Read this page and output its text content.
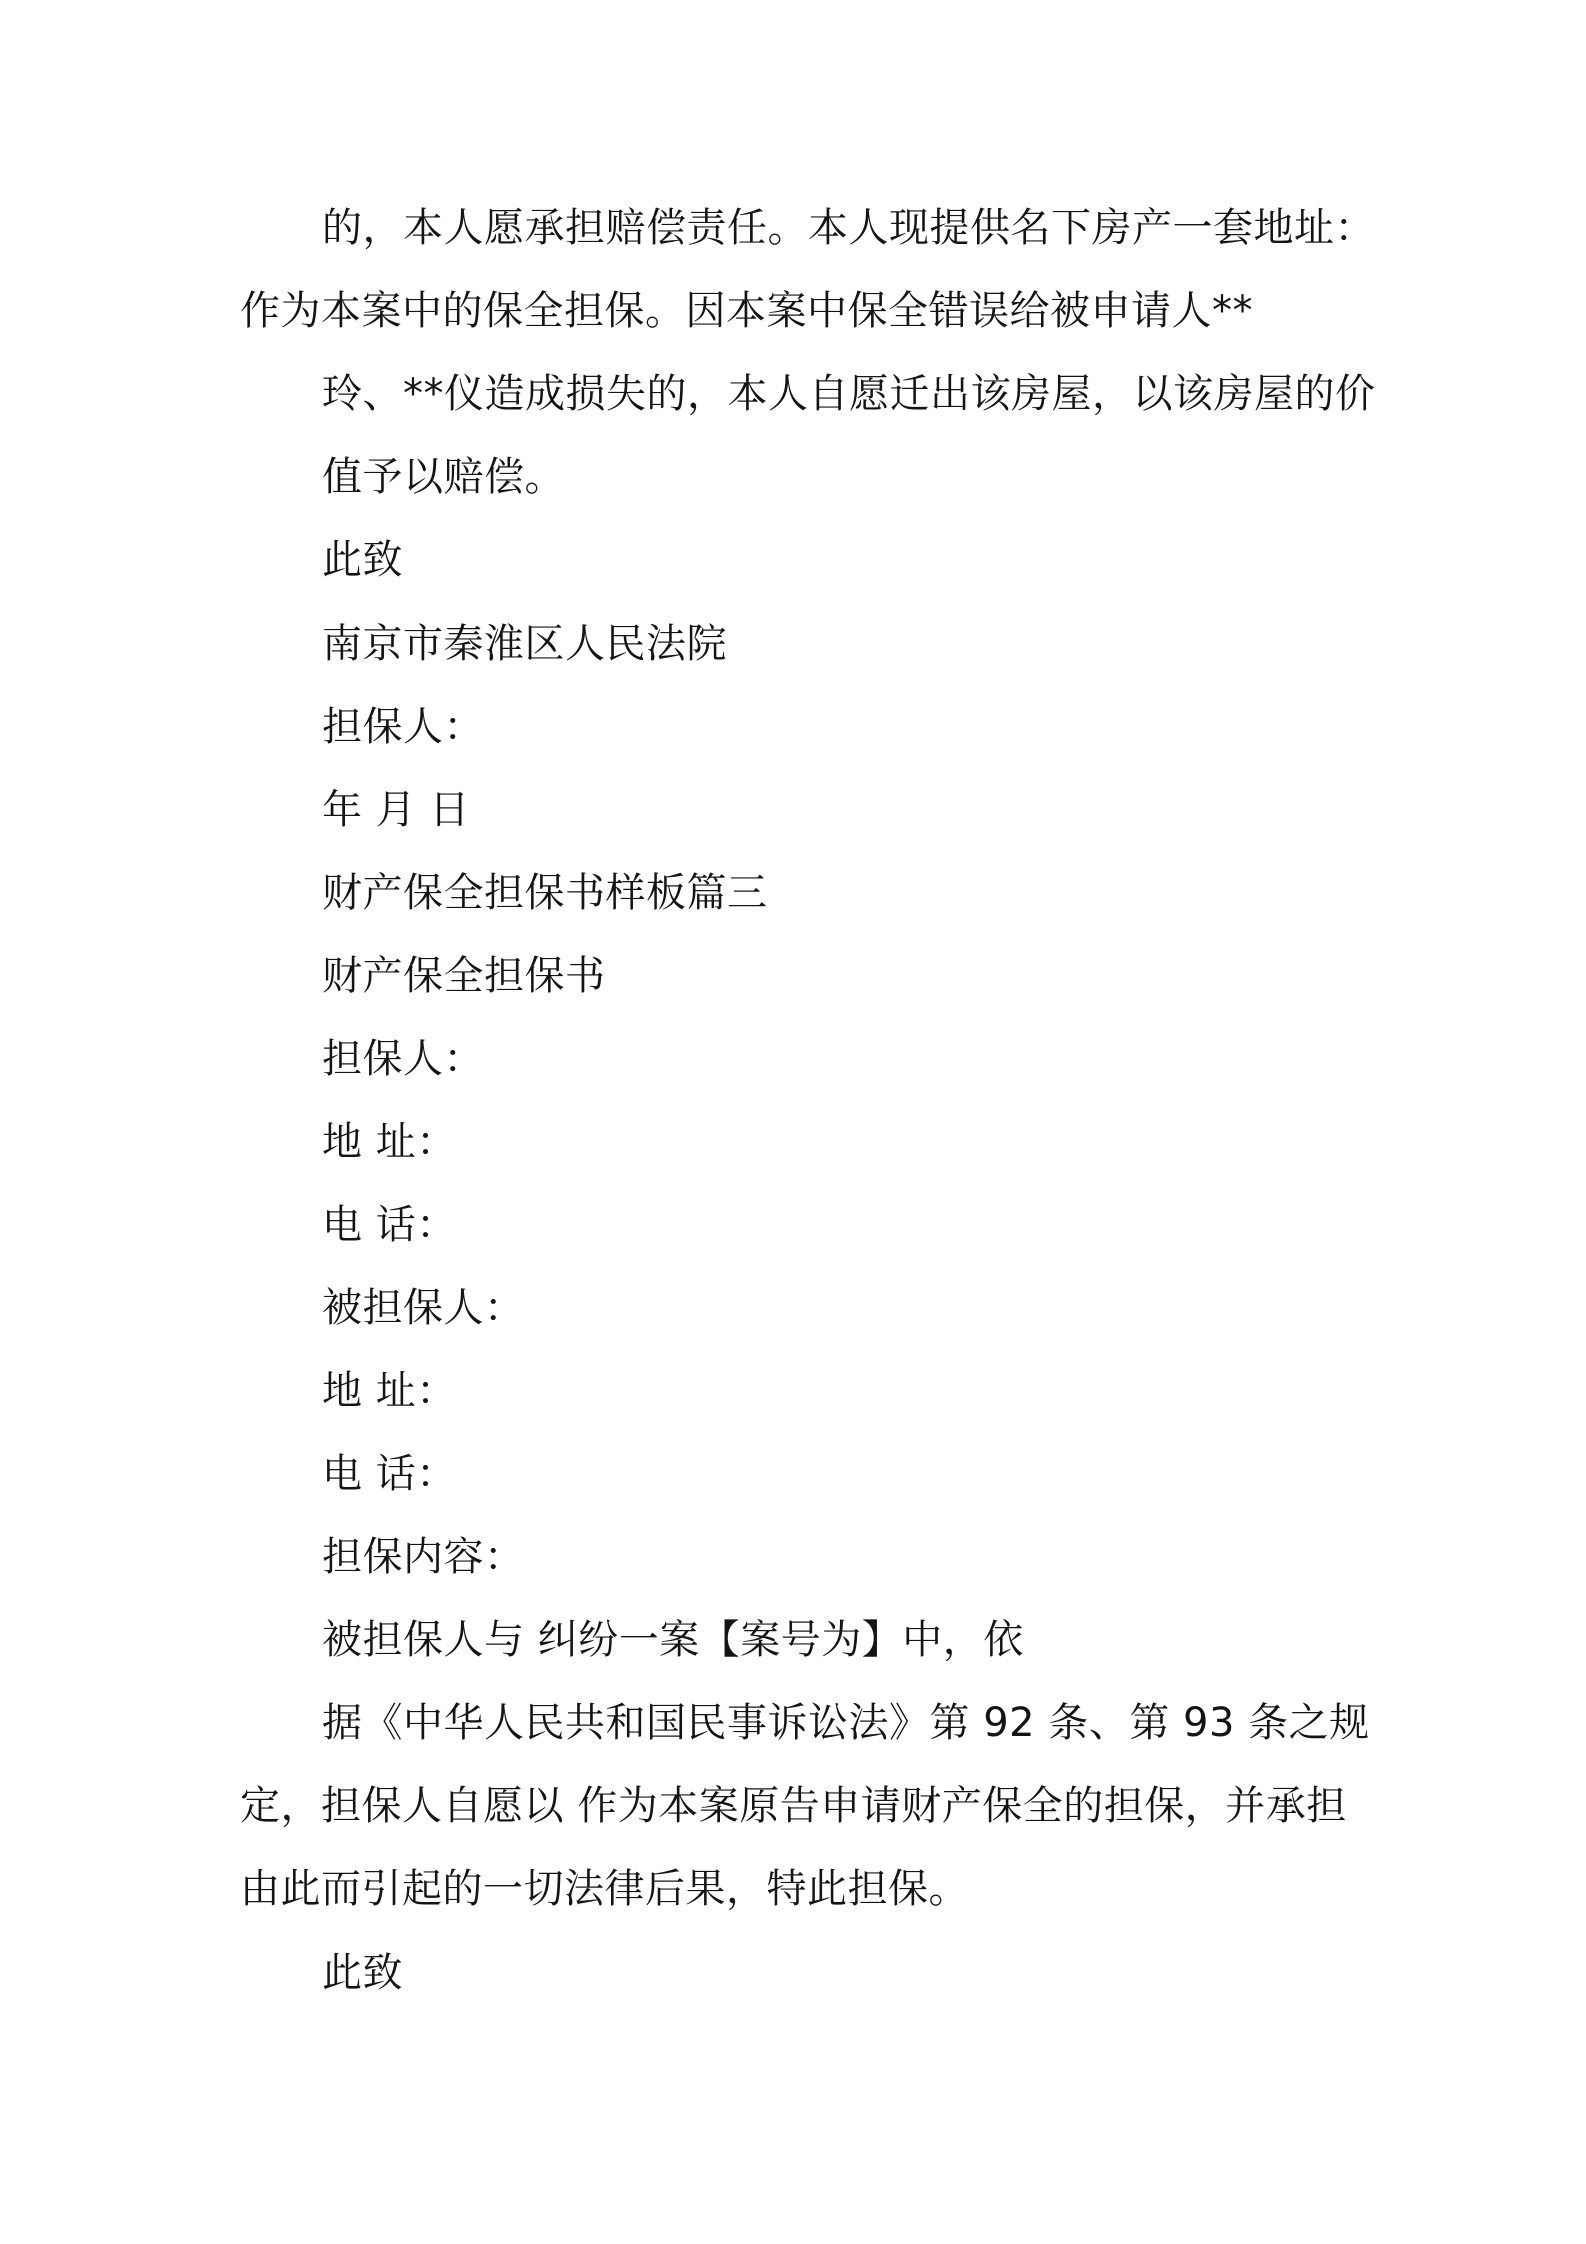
的，本人愿承担赔偿责任。本人现提供名下房产一套地址：
作为本案中的保全担保。因本案中保全错误给被申请人**
玲、**仪造成损失的，本人自愿迁出该房屋，以该房屋的价
值予以赔偿。
此致
南京市秦淮区人民法院
担保人：
年 月 日
财产保全担保书样板篇三
财产保全担保书
担保人：
地 址：
电 话：
被担保人：
地 址：
电 话：
担保内容：
被担保人与 纠纷一案【案号为】中，依
据《中华人民共和国民事诉讼法》第 92 条、第 93 条之规
定，担保人自愿以 作为本案原告申请财产保全的担保，并承担
由此而引起的一切法律后果，特此担保。
此致
